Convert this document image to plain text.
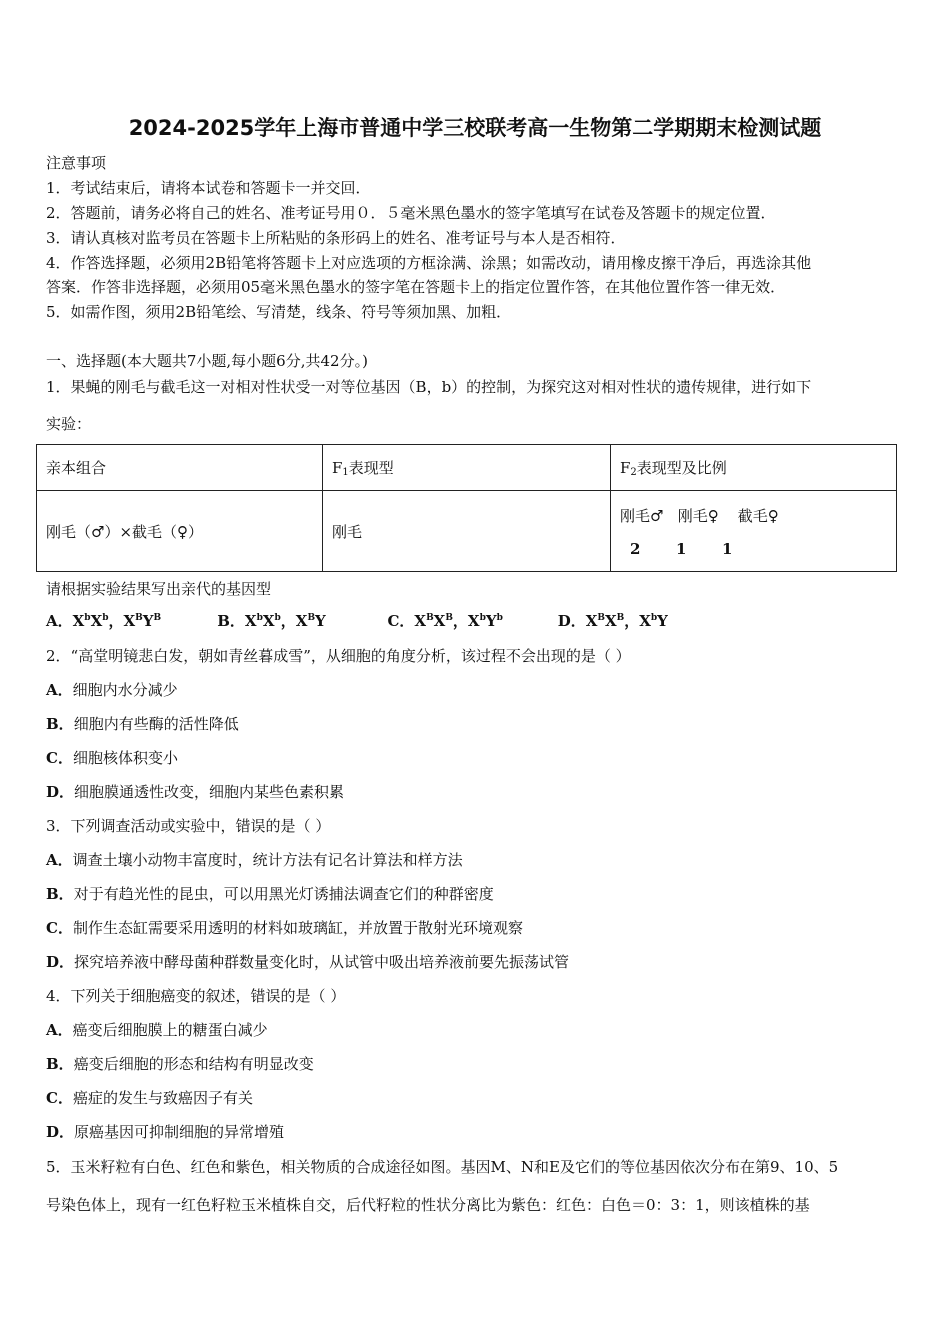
2024-2025学年上海市普通中学三校联考高一生物第二学期期末检测试题
注意事项
1．考试结束后，请将本试卷和答题卡一并交回．
2．答题前，请务必将自己的姓名、准考证号用０．５毫米黑色墨水的签字笔填写在试卷及答题卡的规定位置．
3．请认真核对监考员在答题卡上所粘贴的条形码上的姓名、准考证号与本人是否相符．
4．作答选择题，必须用2B铅笔将答题卡上对应选项的方框涂满、涂黑；如需改动，请用橡皮擦干净后，再选涂其他
答案．作答非选择题，必须用05毫米黑色墨水的签字笔在答题卡上的指定位置作答，在其他位置作答一律无效．
5．如需作图，须用2B铅笔绘、写清楚，线条、符号等须加黑、加粗．
一、选择题(本大题共7小题,每小题6分,共42分。)
1．果蝇的刚毛与截毛这一对相对性状受一对等位基因（B，b）的控制，为探究这对相对性状的遗传规律，进行如下
实验：
亲本组合	$F_1$表现型	$F_2$表现型及比例
刚毛（♂）×截毛（♀）	刚毛	刚毛♂   刚毛♀    截毛♀
2 1 1
请根据实验结果写出亲代的基因型
A．XbXb，XBYB	B．XbXb，XBY	C．XBXB，XbYb	D．XBXB，XbY
2．“高堂明镜悲白发，朝如青丝暮成雪”，从细胞的角度分析，该过程不会出现的是（ ）
A．细胞内水分减少
B．细胞内有些酶的活性降低
C．细胞核体积变小
D．细胞膜通透性改变，细胞内某些色素积累
3．下列调查活动或实验中，错误的是（ ）
A．调查土壤小动物丰富度时，统计方法有记名计算法和样方法
B．对于有趋光性的昆虫，可以用黑光灯诱捕法调查它们的种群密度
C．制作生态缸需要采用透明的材料如玻璃缸，并放置于散射光环境观察
D．探究培养液中酵母菌种群数量变化时，从试管中吸出培养液前要先振荡试管
4．下列关于细胞癌变的叙述，错误的是（ ）
A．癌变后细胞膜上的糖蛋白减少
B．癌变后细胞的形态和结构有明显改变
C．癌症的发生与致癌因子有关
D．原癌基因可抑制细胞的异常增殖
5．玉米籽粒有白色、红色和紫色，相关物质的合成途径如图。基因M、N和E及它们的等位基因依次分布在第9、10、5
号染色体上，现有一红色籽粒玉米植株自交，后代籽粒的性状分离比为紫色：红色：白色＝0：3：1，则该植株的基
